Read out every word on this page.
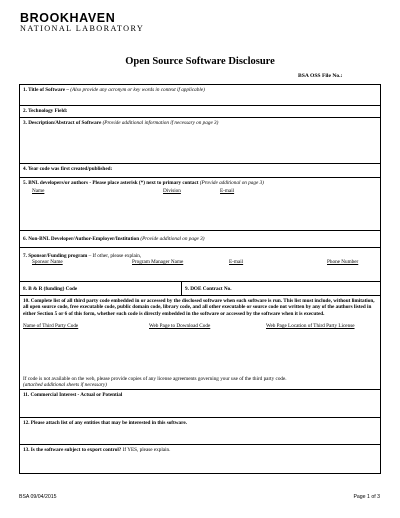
BROOKHAVEN
NATIONAL LABORATORY
Open Source Software Disclosure
BSA OSS File No.:
1. Title of Software – (Also provide any acronym or key words in context if applicable)
2. Technology Field:
3. Description/Abstract of Software (Provide additional information if necessary on page 3)
4. Year code was first created/published:
5. BNL developers/or authors - Please place asterisk (*) next to primary contact (Provide additional on page 3)
Name	Division	E-mail
6. Non-BNL Developer/Author-Employer/Institution (Provide additional on page 3)
7. Sponsor/Funding program – If other, please explain,
Sponsor Name	Program Manager Name	E-mail	Phone Number
8. B & R (funding) Code	9. DOE Contract No.
10. Complete list of all third party code embedded in or accessed by the disclosed software when such software is run. This list must include, without limitation, all open source code, free executable code, public domain code, library code, and all other executable or source code not written by any of the authors listed in either Section 5 or 6 of this form, whether such code is directly embedded in the software or accessed by the software when it is executed.
Name of Third Party Code	Web Page to Download Code	Web Page Location of Third Party License
If code is not available on the web, please provide copies of any license agreements governing your use of the third party code.
(attached additional sheets if necessary)
11. Commercial Interest - Actual or Potential
12. Please attach list of any entities that may be interested in this software.
13. Is the software subject to export control? If YES, please explain.
BSA 09/04/2015	Page 1 of 3
